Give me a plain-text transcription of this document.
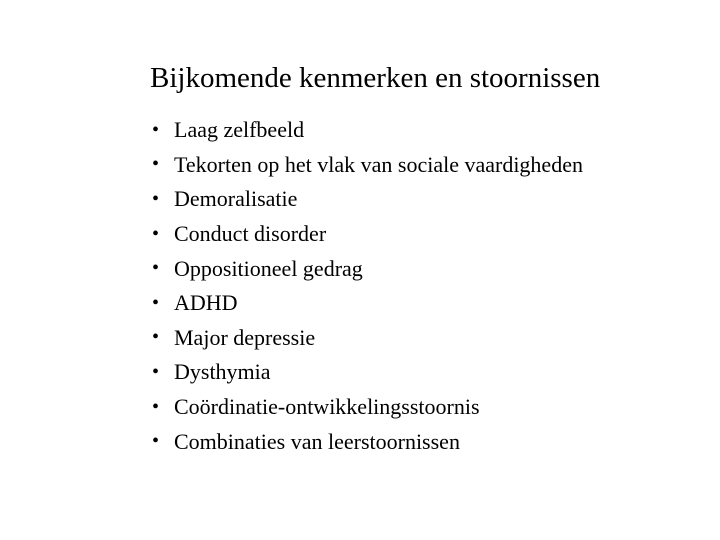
Bijkomende kenmerken en stoornissen
• Laag zelfbeeld
• Tekorten op het vlak van sociale vaardigheden
• Demoralisatie
• Conduct disorder
• Oppositioneel gedrag
• ADHD
• Major depressie
• Dysthymia
• Coördinatie-ontwikkelingsstoornis
• Combinaties van leerstoornissen
